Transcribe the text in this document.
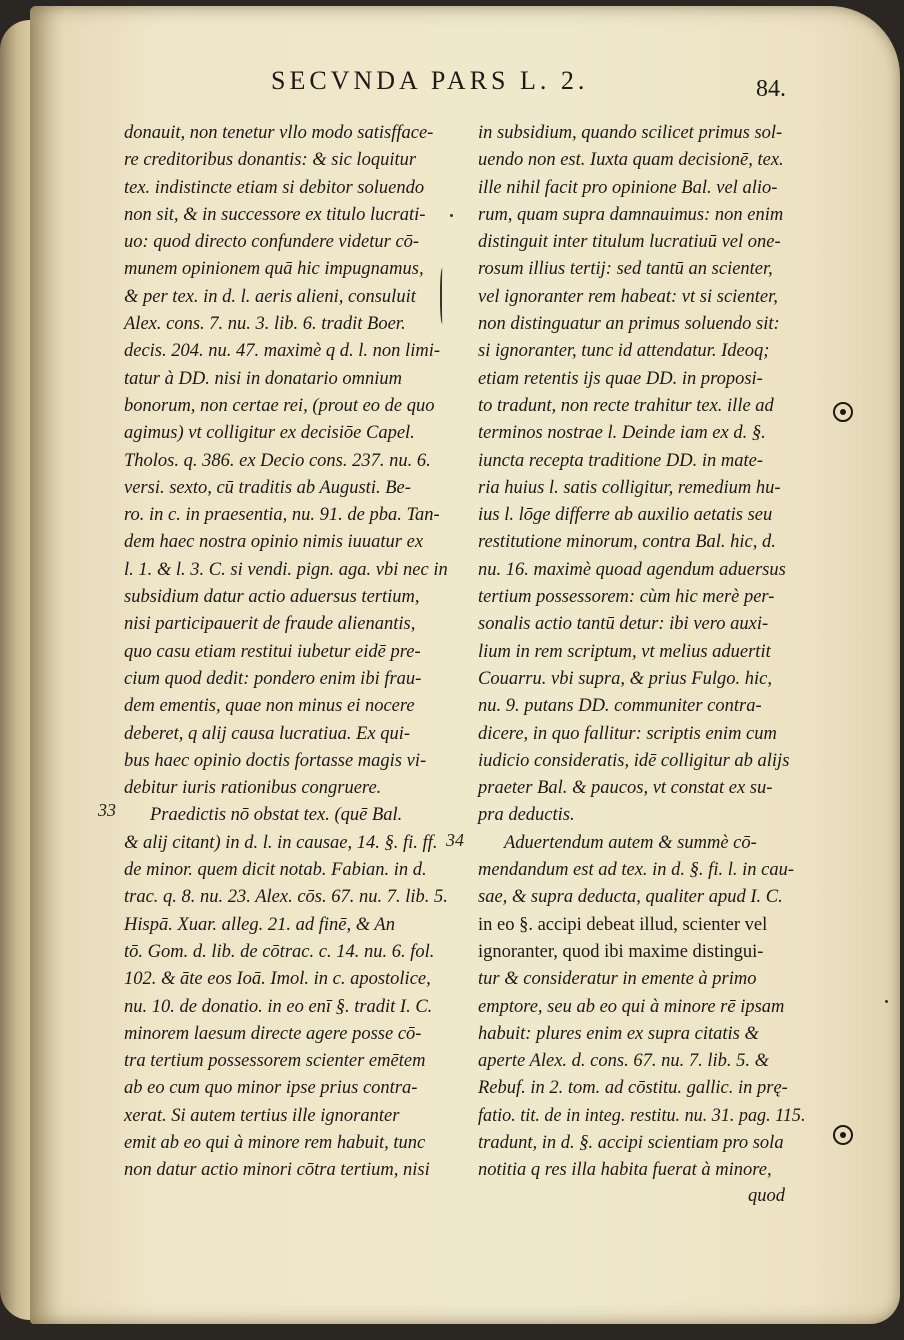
SECVNDA PARS L. 2.	84.
donauit, non tenetur vllo modo satisfface-
re creditoribus donantis: & sic loquitur
tex. indistincte etiam si debitor soluendo
non sit, & in successore ex titulo lucrati-
uo: quod directo confundere videtur cō-
munem opinionem quā hic impugnamus,
& per tex. in d. l. aeris alieni, consuluit
Alex. cons. 7. nu. 3. lib. 6. tradit Boer.
decis. 204. nu. 47. maximè q d. l. non limi-
tatur à DD. nisi in donatario omnium
bonorum, non certae rei, (prout eo de quo
agimus) vt colligitur ex decisiōe Capel.
Tholos. q. 386. ex Decio cons. 237. nu. 6.
versi. sexto, cū traditis ab Augusti. Be-
ro. in c. in praesentia, nu. 91. de pba. Tan-
dem haec nostra opinio nimis iuuatur ex
l. 1. & l. 3. C. si vendi. pign. aga. vbi nec in
subsidium datur actio aduersus tertium,
nisi participauerit de fraude alienantis,
quo casu etiam restitui iubetur eidē pre-
cium quod dedit: pondero enim ibi frau-
dem ementis, quae non minus ei nocere
deberet, q alij causa lucratiua. Ex qui-
bus haec opinio doctis fortasse magis vi-
debitur iuris rationibus congruere.
Praedictis nō obstat tex. (quē Bal.
& alij citant) in d. l. in causae, 14. §. fi. ff.
de minor. quem dicit notab. Fabian. in d.
trac. q. 8. nu. 23. Alex. cōs. 67. nu. 7. lib. 5.
Hispā. Xuar. alleg. 21. ad finē, & An
tō. Gom. d. lib. de cōtrac. c. 14. nu. 6. fol.
102. & āte eos Ioā. Imol. in c. apostolice,
nu. 10. de donatio. in eo enī §. tradit I. C.
minorem laesum directe agere posse cō-
tra tertium possessorem scienter emētem
ab eo cum quo minor ipse prius contra-
xerat. Si autem tertius ille ignoranter
emit ab eo qui à minore rem habuit, tunc
non datur actio minori cōtra tertium, nisi
in subsidium, quando scilicet primus sol-
uendo non est. Iuxta quam decisionē, tex.
ille nihil facit pro opinione Bal. vel alio-
rum, quam supra damnauimus: non enim
distinguit inter titulum lucratiuū vel one-
rosum illius tertij: sed tantū an scienter,
vel ignoranter rem habeat: vt si scienter,
non distinguatur an primus soluendo sit:
si ignoranter, tunc id attendatur. Ideoq;
etiam retentis ijs quae DD. in proposi-
to tradunt, non recte trahitur tex. ille ad
terminos nostrae l. Deinde iam ex d. §.
iuncta recepta traditione DD. in mate-
ria huius l. satis colligitur, remedium hu-
ius l. lōge differre ab auxilio aetatis seu
restitutione minorum, contra Bal. hic, d.
nu. 16. maximè quoad agendum aduersus
tertium possessorem: cùm hic merè per-
sonalis actio tantū detur: ibi vero auxi-
lium in rem scriptum, vt melius aduertit
Couarru. vbi supra, & prius Fulgo. hic,
nu. 9. putans DD. communiter contra-
dicere, in quo fallitur: scriptis enim cum
iudicio consideratis, idē colligitur ab alijs
praeter Bal. & paucos, vt constat ex su-
pra deductis.
Aduertendum autem & summè cō-
mendandum est ad tex. in d. §. fi. l. in cau-
sae, & supra deducta, qualiter apud I. C.
in eo §. accipi debeat illud, scienter vel
ignoranter, quod ibi maxime distingui-
tur & consideratur in emente à primo
emptore, seu ab eo qui à minore rē ipsam
habuit: plures enim ex supra citatis &
aperte Alex. d. cons. 67. nu. 7. lib. 5. &
Rebuf. in 2. tom. ad cōstitu. gallic. in prę-
fatio. tit. de in integ. restitu. nu. 31. pag. 115.
tradunt, in d. §. accipi scientiam pro sola
notitia q res illa habita fuerat à minore,
33
34
quod
